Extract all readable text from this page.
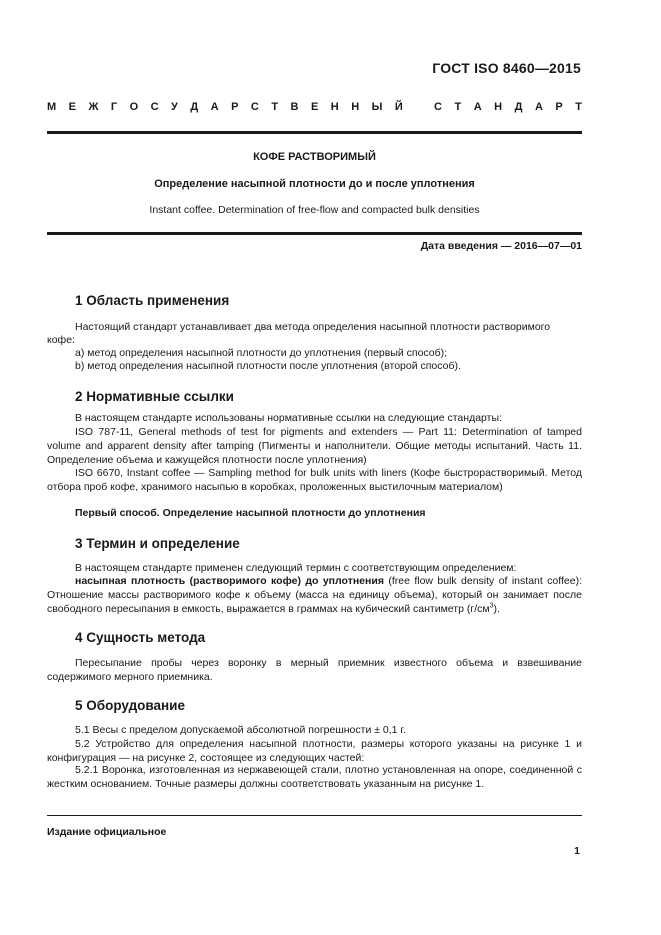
ГОСТ ISO 8460—2015
М Е Ж Г О С У Д А Р С Т В Е Н Н Ы Й	С Т А Н Д А Р Т
КОФЕ РАСТВОРИМЫЙ
Определение насыпной плотности до и после уплотнения
Instant coffee. Determination of free-flow and compacted bulk densities
Дата введения — 2016—07—01
1 Область применения
Настоящий стандарт устанавливает два метода определения насыпной плотности растворимого
кофе:
a) метод определения насыпной плотности до уплотнения (первый способ);
b) метод определения насыпной плотности после уплотнения (второй способ).
2 Нормативные ссылки
В настоящем стандарте использованы нормативные ссылки на следующие стандарты:
ISO 787-11, General methods of test for pigments and extenders — Part 11: Determination of tamped volume and apparent density after tamping (Пигменты и наполнители. Общие методы испытаний. Часть 11. Определение объема и кажущейся плотности после уплотнения)
ISO 6670, Instant coffee — Sampling method for bulk units with liners (Кофе быстрорастворимый. Метод отбора проб кофе, хранимого насыпью в коробках, проложенных выстилочным материалом)
Первый способ. Определение насыпной плотности до уплотнения
3 Термин и определение
В настоящем стандарте применен следующий термин с соответствующим определением:
насыпная плотность (растворимого кофе) до уплотнения (free flow bulk density of instant coffee): Отношение массы растворимого кофе к объему (масса на единицу объема), который он занимает после свободного пересыпания в емкость, выражается в граммах на кубический сантиметр $(г/см^3)$.
4 Сущность метода
Пересыпание пробы через воронку в мерный приемник известного объема и взвешивание содержимого мерного приемника.
5 Оборудование
5.1 Весы с пределом допускаемой абсолютной погрешности ± 0,1 г.
5.2 Устройство для определения насыпной плотности, размеры которого указаны на рисунке 1 и конфигурация — на рисунке 2, состоящее из следующих частей:
5.2.1 Воронка, изготовленная из нержавеющей стали, плотно установленная на опоре, соединенной с жестким основанием. Точные размеры должны соответствовать указанным на рисунке 1.
Издание официальное
1
